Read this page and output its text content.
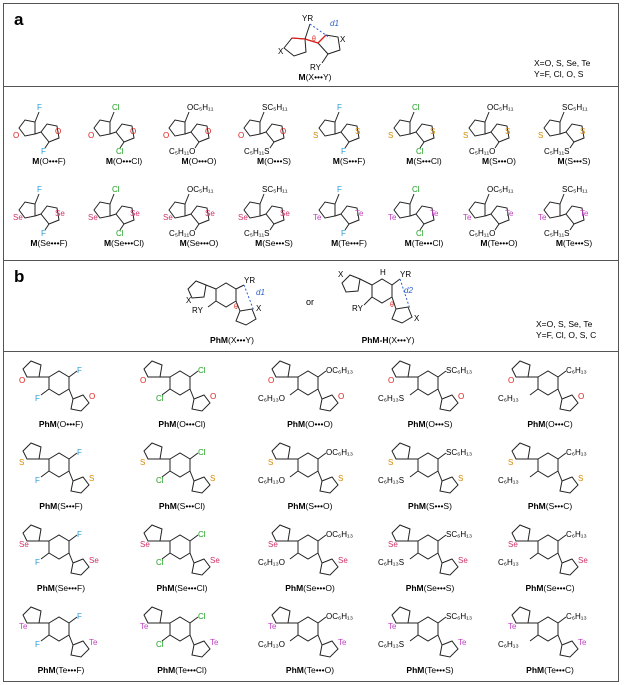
a	YR
X
X
θ
d1
RY
M(X•••Y)
X=O, S, Se, Te
Y=F, Cl, O, S
O	O
F
F
M(O•••F)
O	O
Cl
Cl
M(O•••Cl)
O	O
OC₅H₁₁
C₅H₁₁O
M(O•••O)
O	O
SC₅H₁₁
C₅H₁₁S
M(O•••S)
S	S
F
F
M(S•••F)
S	S
Cl
Cl
M(S•••Cl)
S	S
OC₅H₁₁
C₅H₁₁O
M(S•••O)
S	S
SC₅H₁₁
C₅H₁₁S
M(S•••S)
Se	Se
F
F
M(Se•••F)
Se	Se
Cl
Cl
M(Se•••Cl)
Se	Se
OC₅H₁₁
C₅H₁₁O
M(Se•••O)
Se	Se
SC₅H₁₁
C₅H₁₁S
M(Se•••S)
Te	Te
F
F
M(Te•••F)
Te	Te
Cl
Cl
M(Te•••Cl)
Te	Te
OC₅H₁₁
C₅H₁₁O
M(Te•••O)
Te	Te
SC₅H₁₁
C₅H₁₁S
M(Te•••S)
b
X
YR
RY	X
θ
d1
or
X	H YR
RY
X
θ
d2
PhM(X•••Y)	PhM-H(X•••Y)
X=O, S, Se, Te
Y=F, Cl, O, S, C
O
O
F
F
PhM(O•••F)
O
O
Cl
Cl
PhM(O•••Cl)
O
O
OC₆H₁₃
C₆H₁₃O
PhM(O•••O)
O
O
SC₆H₁₃
C₆H₁₃S
PhM(O•••S)
O
O
C₆H₁₃
C₆H₁₃
PhM(O•••C)
S
S
F
F
PhM(S•••F)
S
S
Cl
Cl
PhM(S•••Cl)
S
S
OC₆H₁₃
C₆H₁₃O
PhM(S•••O)
S
S
SC₆H₁₃
C₆H₁₃S
PhM(S•••S)
S
S
C₆H₁₃
C₆H₁₃
PhM(S•••C)
Se
Se
F
F
PhM(Se•••F)
Se
Se
Cl
Cl
PhM(Se•••Cl)
Se
Se
OC₆H₁₃
C₆H₁₃O
PhM(Se•••O)
Se
Se
SC₆H₁₃
C₆H₁₃S
PhM(Se•••S)
Se
Se
C₆H₁₃
C₆H₁₃
PhM(Se•••C)
Te
Te
F
F
PhM(Te•••F)
Te
Te
Cl
Cl
PhM(Te•••Cl)
Te
Te
OC₆H₁₃
C₆H₁₃O
PhM(Te•••O)
Te
Te
SC₆H₁₃
C₆H₁₃S
PhM(Te•••S)
Te
Te
C₆H₁₃
C₆H₁₃
PhM(Te•••C)
